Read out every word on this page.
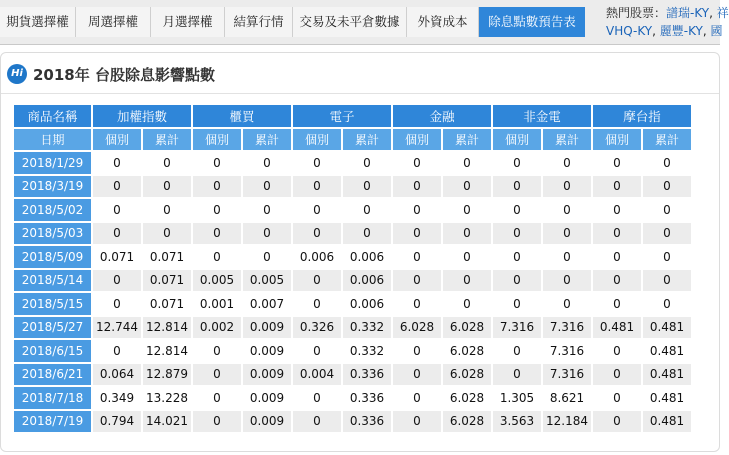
期貨選擇權	周選擇權	月選擇權	結算行情	交易及未平倉數據	外資成本	除息點數預告表
熱門股票：譜瑞-KY, 祥
VHQ-KY, 麗豐-KY, 國
Hi 2018年 台股除息影響點數
商品名稱	加權指數		櫃買		電子		金融		非金電		摩台指	
日期	個別	累計	個別	累計	個別	累計	個別	累計	個別	累計	個別	累計
2018/1/29	0	0	0	0	0	0	0	0	0	0	0	0
2018/3/19	0	0	0	0	0	0	0	0	0	0	0	0
2018/5/02	0	0	0	0	0	0	0	0	0	0	0	0
2018/5/03	0	0	0	0	0	0	0	0	0	0	0	0
2018/5/09	0.071	0.071	0	0	0.006	0.006	0	0	0	0	0	0
2018/5/14	0	0.071	0.005	0.005	0	0.006	0	0	0	0	0	0
2018/5/15	0	0.071	0.001	0.007	0	0.006	0	0	0	0	0	0
2018/5/27	12.744	12.814	0.002	0.009	0.326	0.332	6.028	6.028	7.316	7.316	0.481	0.481
2018/6/15	0	12.814	0	0.009	0	0.332	0	6.028	0	7.316	0	0.481
2018/6/21	0.064	12.879	0	0.009	0.004	0.336	0	6.028	0	7.316	0	0.481
2018/7/18	0.349	13.228	0	0.009	0	0.336	0	6.028	1.305	8.621	0	0.481
2018/7/19	0.794	14.021	0	0.009	0	0.336	0	6.028	3.563	12.184	0	0.481
